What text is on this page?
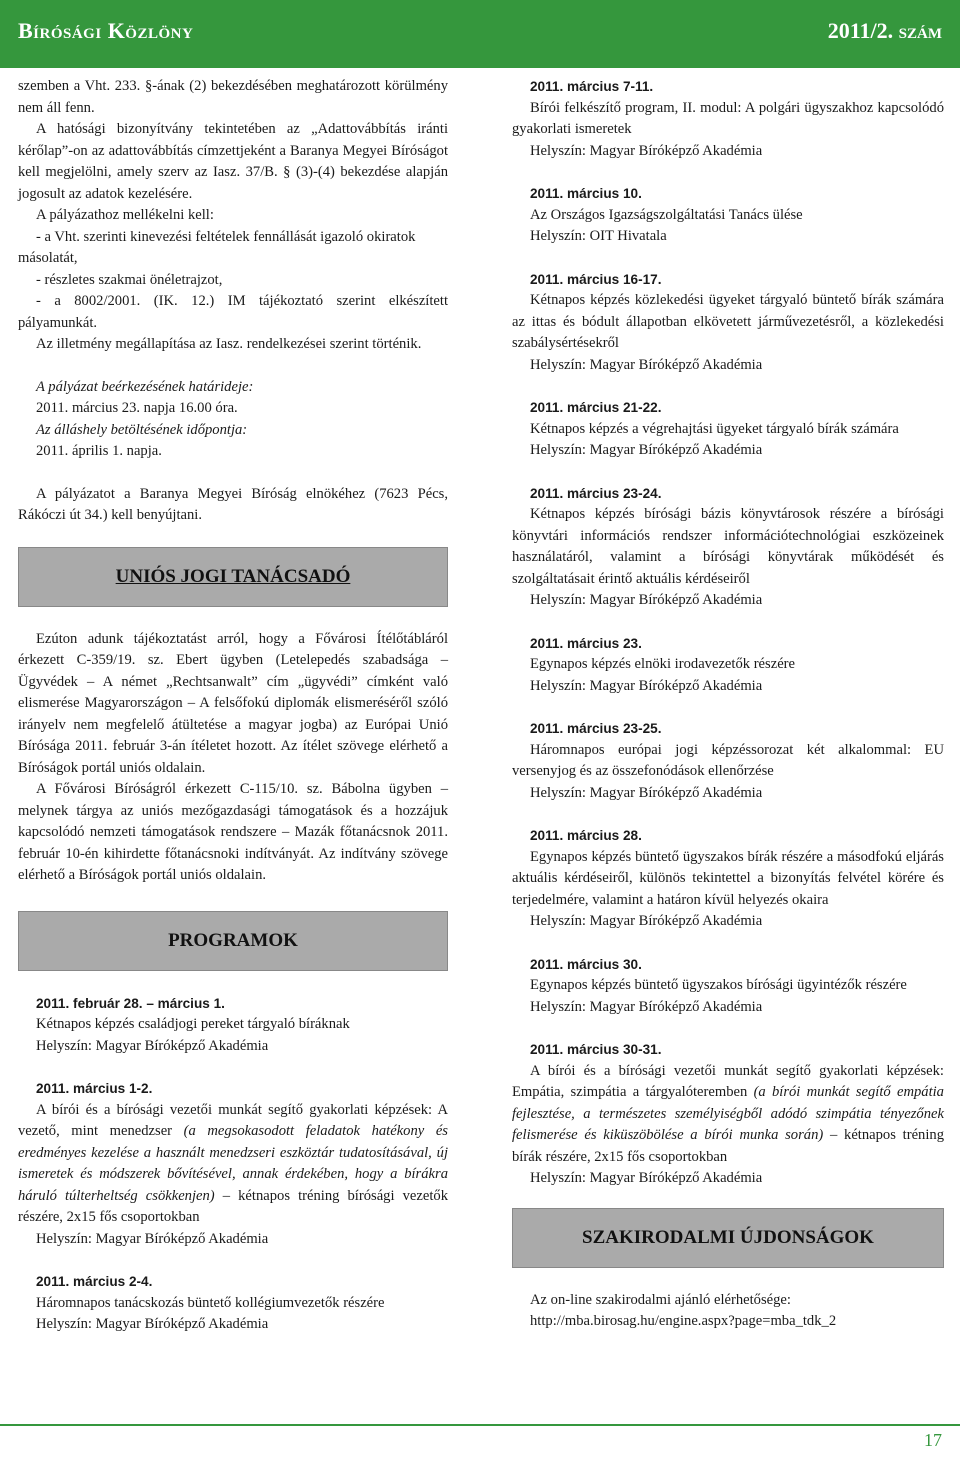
Bírósági Közlöny	2011/2. szám

szemben a Vht. 233. §-ának (2) bekezdésében meghatározott körülmény nem áll fenn.

A hatósági bizonyítvány tekintetében az „Adattovábbítás iránti kérőlap”-on az adattovábbítás címzettjeként a Baranya Megyei Bíróságot kell megjelölni, amely szerv az Iasz. 37/B. § (3)-(4) bekezdése alapján jogosult az adatok kezelésére.

A pályázathoz mellékelni kell:

- a Vht. szerinti kinevezési feltételek fennállását igazoló okiratok másolatát,

- részletes szakmai önéletrajzot,

- a 8002/2001. (IK. 12.) IM tájékoztató szerint elkészített pályamunkát.

Az illetmény megállapítása az Iasz. rendelkezései szerint történik.

A pályázat beérkezésének határideje:

2011. március 23. napja 16.00 óra.

Az álláshely betöltésének időpontja:

2011. április 1. napja.

A pályázatot a Baranya Megyei Bíróság elnökéhez (7623 Pécs, Rákóczi út 34.) kell benyújtani.

UNIÓS JOGI TANÁCSADÓ

Ezúton adunk tájékoztatást arról, hogy a Fővárosi Ítélőtábláról érkezett C-359/19. sz. Ebert ügyben (Letelepedés szabadsága – Ügyvédek – A német „Rechtsanwalt” cím „ügyvédi” címként való elismerése Magyarországon – A felsőfokú diplomák elismeréséről szóló irányelv nem megfelelő átültetése a magyar jogba) az Európai Unió Bírósága 2011. február 3-án ítéletet hozott. Az ítélet szövege elérhető a Bíróságok portál uniós oldalain.

A Fővárosi Bíróságról érkezett C-115/10. sz. Bábolna ügyben – melynek tárgya az uniós mezőgazdasági támogatások és a hozzájuk kapcsolódó nemzeti támogatások rendszere – Mazák főtanácsnok 2011. február 10-én kihirdette főtanácsnoki indítványát. Az indítvány szövege elérhető a Bíróságok portál uniós oldalain.

PROGRAMOK

2011. február 28. – március 1.

Kétnapos képzés családjogi pereket tárgyaló bíráknak

Helyszín: Magyar Bíróképző Akadémia

2011. március 1-2.

A bírói és a bírósági vezetői munkát segítő gyakorlati képzések: A vezető, mint menedzser (a megsokasodott feladatok hatékony és eredményes kezelése a használt menedzseri eszköztár tudatosításával, új ismeretek és módszerek bővítésével, annak érdekében, hogy a bírákra háruló túlterheltség csökkenjen) – kétnapos tréning bírósági vezetők részére, 2x15 fős csoportokban

Helyszín: Magyar Bíróképző Akadémia

2011. március 2-4.

Háromnapos tanácskozás büntető kollégiumvezetők részére

Helyszín: Magyar Bíróképző Akadémia

2011. március 7-11.

Bírói felkészítő program, II. modul: A polgári ügyszakhoz kapcsolódó gyakorlati ismeretek

Helyszín: Magyar Bíróképző Akadémia

2011. március 10.

Az Országos Igazságszolgáltatási Tanács ülése

Helyszín: OIT Hivatala

2011. március 16-17.

Kétnapos képzés közlekedési ügyeket tárgyaló büntető bírák számára az ittas és bódult állapotban elkövetett járművezetésről, a közlekedési szabálysértésekről

Helyszín: Magyar Bíróképző Akadémia

2011. március 21-22.

Kétnapos képzés a végrehajtási ügyeket tárgyaló bírák számára

Helyszín: Magyar Bíróképző Akadémia

2011. március 23-24.

Kétnapos képzés bírósági bázis könyvtárosok részére a bírósági könyvtári információs rendszer információtechnológiai eszközeinek használatáról, valamint a bírósági könyvtárak működését és szolgáltatásait érintő aktuális kérdéseiről

Helyszín: Magyar Bíróképző Akadémia

2011. március 23.

Egynapos képzés elnöki irodavezetők részére

Helyszín: Magyar Bíróképző Akadémia

2011. március 23-25.

Háromnapos európai jogi képzéssorozat két alkalommal: EU versenyjog és az összefonódások ellenőrzése

Helyszín: Magyar Bíróképző Akadémia

2011. március 28.

Egynapos képzés büntető ügyszakos bírák részére a másodfokú eljárás aktuális kérdéseiről, különös tekintettel a bizonyítás felvétel körére és terjedelmére, valamint a határon kívül helyezés okaira

Helyszín: Magyar Bíróképző Akadémia

2011. március 30.

Egynapos képzés büntető ügyszakos bírósági ügyintézők részére

Helyszín: Magyar Bíróképző Akadémia

2011. március 30-31.

A bírói és a bírósági vezetői munkát segítő gyakorlati képzések: Empátia, szimpátia a tárgyalóteremben (a bírói munkát segítő empátia fejlesztése, a természetes személyiségből adódó szimpátia tényezőnek felismerése és kiküszöbölése a bírói munka során) – kétnapos tréning bírák részére, 2x15 fős csoportokban

Helyszín: Magyar Bíróképző Akadémia

SZAKIRODALMI ÚJDONSÁGOK

Az on-line szakirodalmi ajánló elérhetősége:

http://mba.birosag.hu/engine.aspx?page=mba_tdk_2

17
